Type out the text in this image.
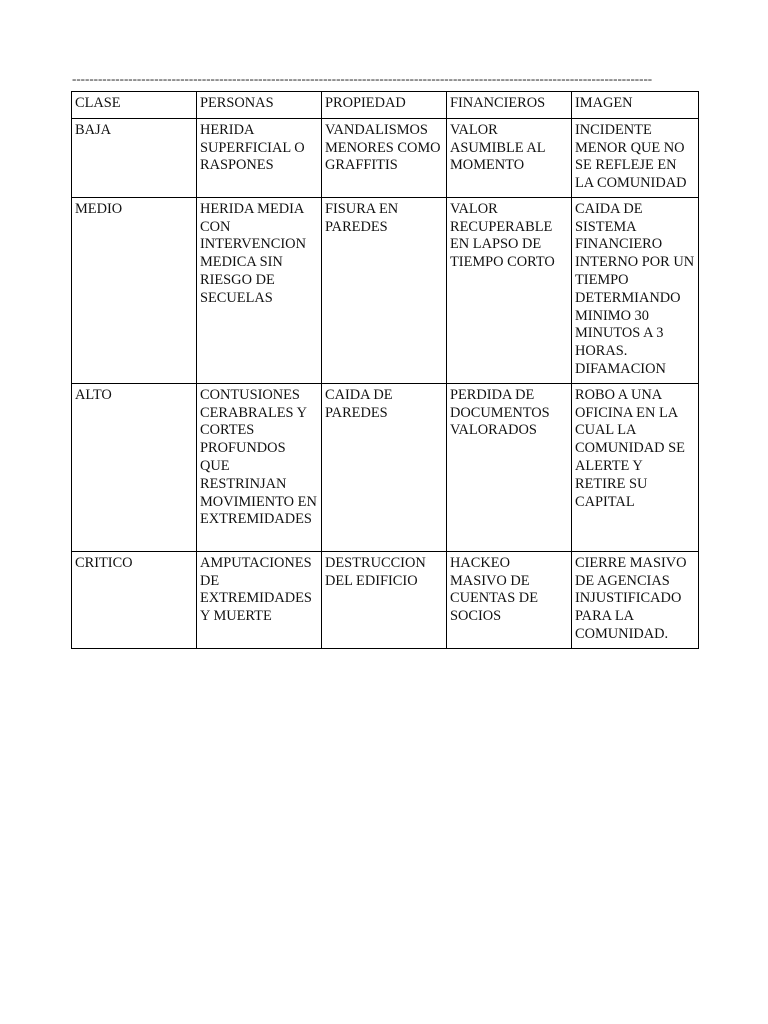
--------------------------------------------------------------------------------------------------------------------------------------
CLASE	PERSONAS	PROPIEDAD	FINANCIEROS	IMAGEN
BAJA	HERIDA SUPERFICIAL O RASPONES	VANDALISMOS MENORES COMO GRAFFITIS	VALOR ASUMIBLE AL MOMENTO	INCIDENTE MENOR QUE NO SE REFLEJE EN LA COMUNIDAD
MEDIO	HERIDA MEDIA CON INTERVENCION MEDICA SIN RIESGO DE SECUELAS	FISURA EN PAREDES	VALOR RECUPERABLE EN LAPSO DE TIEMPO CORTO	CAIDA DE SISTEMA FINANCIERO INTERNO POR UN TIEMPO DETERMIANDO MINIMO 30 MINUTOS A 3 HORAS. DIFAMACION
ALTO	CONTUSIONES CERABRALES Y CORTES PROFUNDOS QUE RESTRINJAN MOVIMIENTO EN EXTREMIDADES	CAIDA DE PAREDES	PERDIDA DE DOCUMENTOS VALORADOS	ROBO A UNA OFICINA EN LA CUAL LA COMUNIDAD SE ALERTE Y RETIRE SU CAPITAL
CRITICO	AMPUTACIONES DE EXTREMIDADES Y MUERTE	DESTRUCCION DEL EDIFICIO	HACKEO MASIVO DE CUENTAS DE SOCIOS	CIERRE MASIVO DE AGENCIAS INJUSTIFICADO PARA LA COMUNIDAD.
